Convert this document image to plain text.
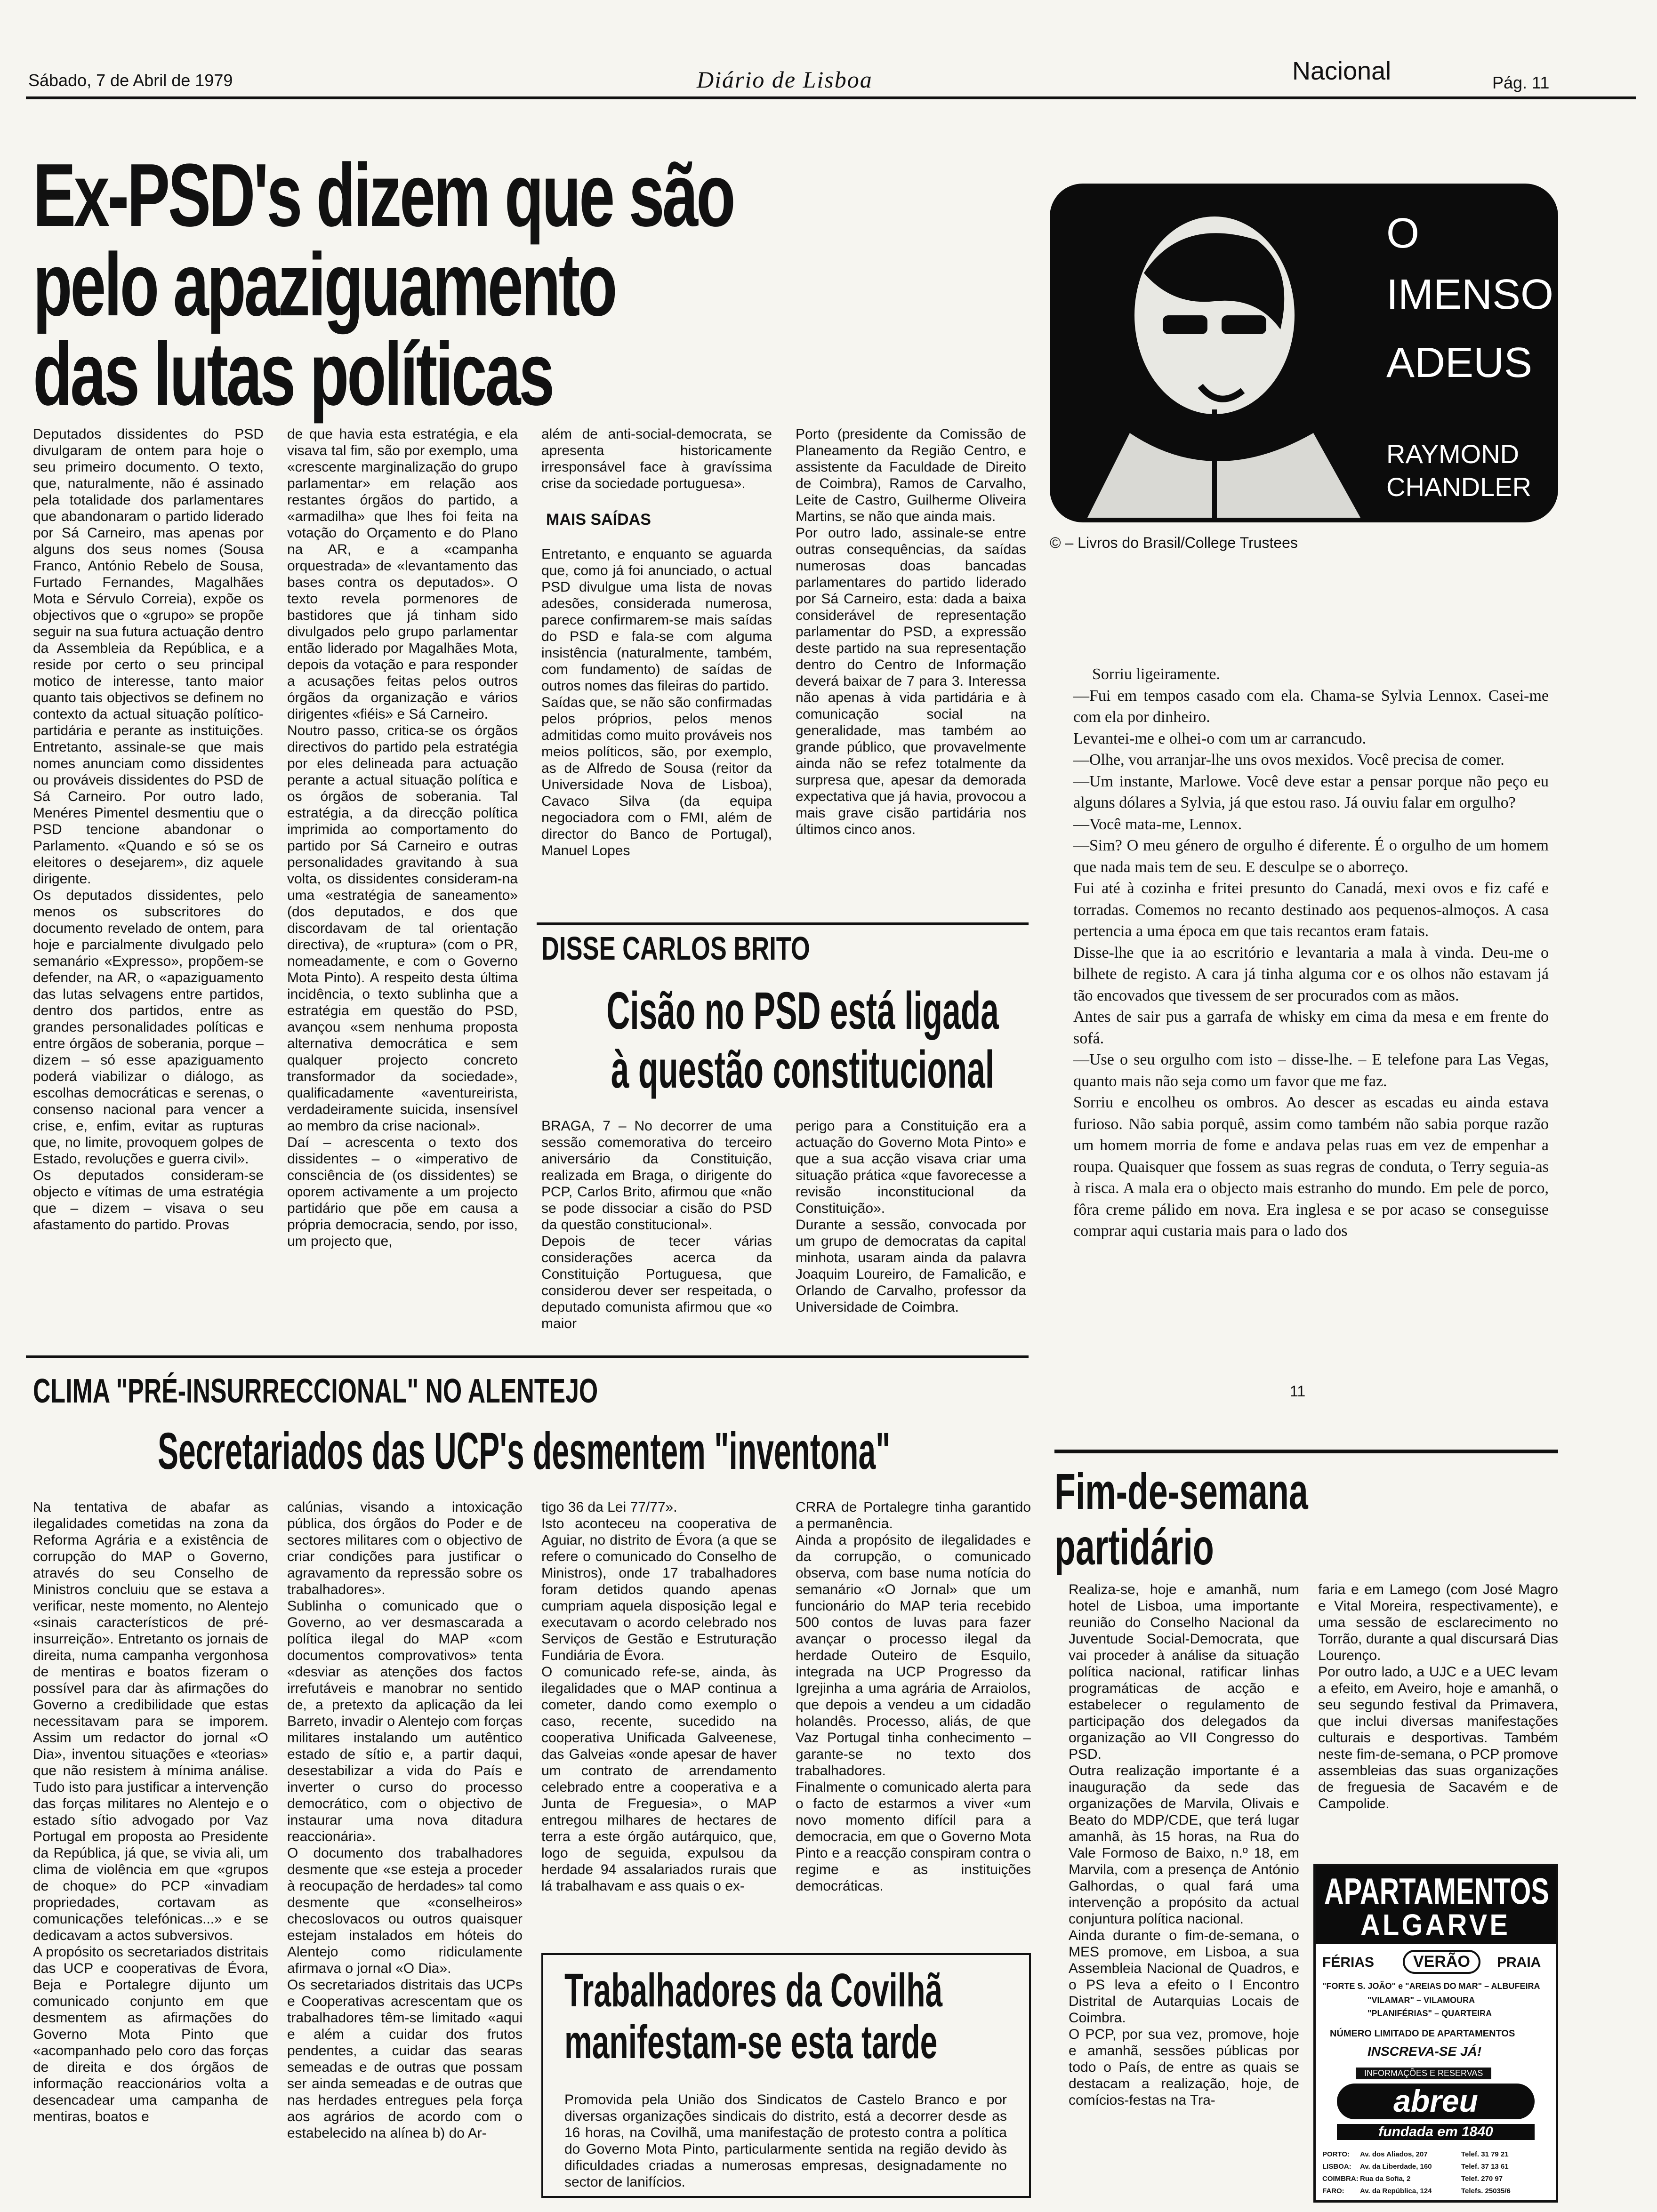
Sábado, 7 de Abril de 1979	Diário de Lisboa	Nacional	Pág. 11
Ex-PSD's dizem que são
pelo apaziguamento
das lutas políticas
Deputados dissidentes do PSD divulgaram de ontem para hoje o seu primeiro documento. O texto, que, naturalmente, não é assinado pela totalidade dos parlamentares que abandonaram o partido liderado por Sá Carneiro, mas apenas por alguns dos seus nomes (Sousa Franco, António Rebelo de Sousa, Furtado Fernandes, Magalhães Mota e Sérvulo Correia), expõe os objectivos que o «grupo» se propõe seguir na sua futura actuação dentro da Assembleia da República, e a reside por certo o seu principal motico de interesse, tanto maior quanto tais objectivos se definem no contexto da actual situação político-partidária e perante as instituições. Entretanto, assinale-se que mais nomes anunciam como dissidentes ou prováveis dissidentes do PSD de Sá Carneiro. Por outro lado, Menéres Pimentel desmentiu que o PSD tencione abandonar o Parlamento. «Quando e só se os eleitores o desejarem», diz aquele dirigente.
Os deputados dissidentes, pelo menos os subscritores do documento revelado de ontem, para hoje e parcialmente divulgado pelo semanário «Expresso», propõem-se defender, na AR, o «apaziguamento das lutas selvagens entre partidos, dentro dos partidos, entre as grandes personalidades políticas e entre órgãos de soberania, porque – dizem – só esse apaziguamento poderá viabilizar o diálogo, as escolhas democráticas e serenas, o consenso nacional para vencer a crise, e, enfim, evitar as rupturas que, no limite, provoquem golpes de Estado, revoluções e guerra civil».
Os deputados consideram-se objecto e vítimas de uma estratégia que – dizem – visava o seu afastamento do partido. Provas
de que havia esta estratégia, e ela visava tal fim, são por exemplo, uma «crescente marginalização do grupo parlamentar» em relação aos restantes órgãos do partido, a «armadilha» que lhes foi feita na votação do Orçamento e do Plano na AR, e a «campanha orquestrada» de «levantamento das bases contra os deputados». O texto revela pormenores de bastidores que já tinham sido divulgados pelo grupo parlamentar então liderado por Magalhães Mota, depois da votação e para responder a acusações feitas pelos outros órgãos da organização e vários dirigentes «fiéis» e Sá Carneiro.
Noutro passo, critica-se os órgãos directivos do partido pela estratégia por eles delineada para actuação perante a actual situação política e os órgãos de soberania. Tal estratégia, a da direcção política imprimida ao comportamento do partido por Sá Carneiro e outras personalidades gravitando à sua volta, os dissidentes consideram-na uma «estratégia de saneamento» (dos deputados, e dos que discordavam de tal orientação directiva), de «ruptura» (com o PR, nomeadamente, e com o Governo Mota Pinto). A respeito desta última incidência, o texto sublinha que a estratégia em questão do PSD, avançou «sem nenhuma proposta alternativa democrática e sem qualquer projecto concreto transformador da sociedade», qualificadamente «aventureirista, verdadeiramente suicida, insensível ao membro da crise nacional».
Daí – acrescenta o texto dos dissidentes – o «imperativo de consciência de (os dissidentes) se oporem activamente a um projecto partidário que põe em causa a própria democracia, sendo, por isso, um projecto que,
além de anti-social-democrata, se apresenta historicamente irresponsável face à gravíssima crise da sociedade portuguesa».
MAIS SAÍDAS
Entretanto, e enquanto se aguarda que, como já foi anunciado, o actual PSD divulgue uma lista de novas adesões, considerada numerosa, parece confirmarem-se mais saídas do PSD e fala-se com alguma insistência (naturalmente, também, com fundamento) de saídas de outros nomes das fileiras do partido.
Saídas que, se não são confirmadas pelos próprios, pelos menos admitidas como muito prováveis nos meios políticos, são, por exemplo, as de Alfredo de Sousa (reitor da Universidade Nova de Lisboa), Cavaco Silva (da equipa negociadora com o FMI, além de director do Banco de Portugal), Manuel Lopes
Porto (presidente da Comissão de Planeamento da Região Centro, e assistente da Faculdade de Direito de Coimbra), Ramos de Carvalho, Leite de Castro, Guilherme Oliveira Martins, se não que ainda mais.
Por outro lado, assinale-se entre outras consequências, da saídas numerosas doas bancadas parlamentares do partido liderado por Sá Carneiro, esta: dada a baixa considerável de representação parlamentar do PSD, a expressão deste partido na sua representação dentro do Centro de Informação deverá baixar de 7 para 3. Interessa não apenas à vida partidária e à comunicação social na generalidade, mas também ao grande público, que provavelmente ainda não se refez totalmente da surpresa que, apesar da demorada expectativa que já havia, provocou a mais grave cisão partidária nos últimos cinco anos.
DISSE CARLOS BRITO
Cisão no PSD está ligada
à questão constitucional
BRAGA, 7 – No decorrer de uma sessão comemorativa do terceiro aniversário da Constituição, realizada em Braga, o dirigente do PCP, Carlos Brito, afirmou que «não se pode dissociar a cisão do PSD da questão constitucional».
Depois de tecer várias considerações acerca da Constituição Portuguesa, que considerou dever ser respeitada, o deputado comunista afirmou que «o maior
perigo para a Constituição era a actuação do Governo Mota Pinto» e que a sua acção visava criar uma situação prática «que favorecesse a revisão inconstitucional da Constituição».
Durante a sessão, convocada por um grupo de democratas da capital minhota, usaram ainda da palavra Joaquim Loureiro, de Famalicão, e Orlando de Carvalho, professor da Universidade de Coimbra.
O
IMENSO
ADEUS
RAYMOND
CHANDLER
© – Livros do Brasil/College Trustees
Sorriu ligeiramente.
—Fui em tempos casado com ela. Chama-se Sylvia Lennox. Casei-me com ela por dinheiro.
Levantei-me e olhei-o com um ar carrancudo.
—Olhe, vou arranjar-lhe uns ovos mexidos. Você precisa de comer.
—Um instante, Marlowe. Você deve estar a pensar porque não peço eu alguns dólares a Sylvia, já que estou raso. Já ouviu falar em orgulho?
—Você mata-me, Lennox.
—Sim? O meu género de orgulho é diferente. É o orgulho de um homem que nada mais tem de seu. E desculpe se o aborreço.
Fui até à cozinha e fritei presunto do Canadá, mexi ovos e fiz café e torradas. Comemos no recanto destinado aos pequenos-almoços. A casa pertencia a uma época em que tais recantos eram fatais.
Disse-lhe que ia ao escritório e levantaria a mala à vinda. Deu-me o bilhete de registo. A cara já tinha alguma cor e os olhos não estavam já tão encovados que tivessem de ser procurados com as mãos.
Antes de sair pus a garrafa de whisky em cima da mesa e em frente do sofá.
—Use o seu orgulho com isto – disse-lhe. – E telefone para Las Vegas, quanto mais não seja como um favor que me faz.
Sorriu e encolheu os ombros. Ao descer as escadas eu ainda estava furioso. Não sabia porquê, assim como também não sabia porque razão um homem morria de fome e andava pelas ruas em vez de empenhar a roupa. Quaisquer que fossem as suas regras de conduta, o Terry seguia-as à risca. A mala era o objecto mais estranho do mundo. Em pele de porco, fôra creme pálido em nova. Era inglesa e se por acaso se conseguisse comprar aqui custaria mais para o lado dos
11
CLIMA "PRÉ-INSURRECCIONAL" NO ALENTEJO
Secretariados das UCP's desmentem "inventona"
Na tentativa de abafar as ilegalidades cometidas na zona da Reforma Agrária e a existência de corrupção do MAP o Governo, através do seu Conselho de Ministros concluiu que se estava a verificar, neste momento, no Alentejo «sinais característicos de pré-insurreição». Entretanto os jornais de direita, numa campanha vergonhosa de mentiras e boatos fizeram o possível para dar às afirmações do Governo a credibilidade que estas necessitavam para se imporem. Assim um redactor do jornal «O Dia», inventou situações e «teorias» que não resistem à mínima análise. Tudo isto para justificar a intervenção das forças militares no Alentejo e o estado sítio advogado por Vaz Portugal em proposta ao Presidente da República, já que, se vivia ali, um clima de violência em que «grupos de choque» do PCP «invadiam propriedades, cortavam as comunicações telefónicas...» e se dedicavam a actos subversivos.
A propósito os secretariados distritais das UCP e cooperativas de Évora, Beja e Portalegre dijunto um comunicado conjunto em que desmentem as afirmações do Governo Mota Pinto que «acompanhado pelo coro das forças de direita e dos órgãos de informação reaccionários volta a desencadear uma campanha de mentiras, boatos e
calúnias, visando a intoxicação pública, dos órgãos do Poder e de sectores militares com o objectivo de criar condições para justificar o agravamento da repressão sobre os trabalhadores».
Sublinha o comunicado que o Governo, ao ver desmascarada a política ilegal do MAP «com documentos comprovativos» tenta «desviar as atenções dos factos irrefutáveis e manobrar no sentido de, a pretexto da aplicação da lei Barreto, invadir o Alentejo com forças militares instalando um autêntico estado de sítio e, a partir daqui, desestabilizar a vida do País e inverter o curso do processo democrático, com o objectivo de instaurar uma nova ditadura reaccionária».
O documento dos trabalhadores desmente que «se esteja a proceder à reocupação de herdades» tal como desmente que «conselheiros» checoslovacos ou outros quaisquer estejam instalados em hóteis do Alentejo como ridiculamente afirmava o jornal «O Dia».
Os secretariados distritais das UCPs e Cooperativas acrescentam que os trabalhadores têm-se limitado «aqui e além a cuidar dos frutos pendentes, a cuidar das searas semeadas e de outras que possam ser ainda semeadas e de outras que nas herdades entregues pela força aos agrários de acordo com o estabelecido na alínea b) do Ar-
tigo 36 da Lei 77/77».
Isto aconteceu na cooperativa de Aguiar, no distrito de Évora (a que se refere o comunicado do Conselho de Ministros), onde 17 trabalhadores foram detidos quando apenas cumpriam aquela disposição legal e executavam o acordo celebrado nos Serviços de Gestão e Estruturação Fundiária de Évora.
O comunicado refe-se, ainda, às ilegalidades que o MAP continua a cometer, dando como exemplo o caso, recente, sucedido na cooperativa Unificada Galveenese, das Galveias «onde apesar de haver um contrato de arrendamento celebrado entre a cooperativa e a Junta de Freguesia», o MAP entregou milhares de hectares de terra a este órgão autárquico, que, logo de seguida, expulsou da herdade 94 assalariados rurais que lá trabalhavam e ass quais o ex-
CRRA de Portalegre tinha garantido a permanência.
Ainda a propósito de ilegalidades e da corrupção, o comunicado observa, com base numa notícia do semanário «O Jornal» que um funcionário do MAP teria recebido 500 contos de luvas para fazer avançar o processo ilegal da herdade Outeiro de Esquilo, integrada na UCP Progresso da Igrejinha a uma agrária de Arraiolos, que depois a vendeu a um cidadão holandês. Processo, aliás, de que Vaz Portugal tinha conhecimento – garante-se no texto dos trabalhadores.
Finalmente o comunicado alerta para o facto de estarmos a viver «um novo momento difícil para a democracia, em que o Governo Mota Pinto e a reacção conspiram contra o regime e as instituições democráticas.
Trabalhadores da Covilhã
manifestam-se esta tarde
Promovida pela União dos Sindicatos de Castelo Branco e por diversas organizações sindicais do distrito, está a decorrer desde as 16 horas, na Covilhã, uma manifestação de protesto contra a política do Governo Mota Pinto, particularmente sentida na região devido às dificuldades criadas a numerosas empresas, designadamente no sector de lanifícios.
Fim-de-semana
partidário
Realiza-se, hoje e amanhã, num hotel de Lisboa, uma importante reunião do Conselho Nacional da Juventude Social-Democrata, que vai proceder à análise da situação política nacional, ratificar linhas programáticas de acção e estabelecer o regulamento de participação dos delegados da organização ao VII Congresso do PSD.
Outra realização importante é a inauguração da sede das organizações de Marvila, Olivais e Beato do MDP/CDE, que terá lugar amanhã, às 15 horas, na Rua do Vale Formoso de Baixo, n.º 18, em Marvila, com a presença de António Galhordas, o qual fará uma intervenção a propósito da actual conjuntura política nacional.
Ainda durante o fim-de-semana, o MES promove, em Lisboa, a sua Assembleia Nacional de Quadros, e o PS leva a efeito o I Encontro Distrital de Autarquias Locais de Coimbra.
O PCP, por sua vez, promove, hoje e amanhã, sessões públicas por todo o País, de entre as quais se destacam a realização, hoje, de comícios-festas na Tra-
faria e em Lamego (com José Magro e Vital Moreira, respectivamente), e uma sessão de esclarecimento no Torrão, durante a qual discursará Dias Lourenço.
Por outro lado, a UJC e a UEC levam a efeito, em Aveiro, hoje e amanhã, o seu segundo festival da Primavera, que inclui diversas manifestações culturais e desportivas. Também neste fim-de-semana, o PCP promove assembleias das suas organizações de freguesia de Sacavém e de Campolide.
APARTAMENTOS
ALGARVE
FÉRIAS	VERÃO	PRAIA
"FORTE S. JOÃO" e "AREIAS DO MAR" – ALBUFEIRA
"VILAMAR" – VILAMOURA
"PLANIFÉRIAS" – QUARTEIRA
NÚMERO LIMITADO DE APARTAMENTOS
INSCREVA-SE JÁ!
INFORMAÇÕES E RESERVAS
abreu
fundada em 1840
PORTO: Av. dos Aliados, 207	Telef. 31 79 21
LISBOA: Av. da Liberdade, 160	Telef. 37 13 61
COIMBRA: Rua da Sofia, 2	Telef. 270 97
FARO: Av. da República, 124	Telefs. 25035/6
